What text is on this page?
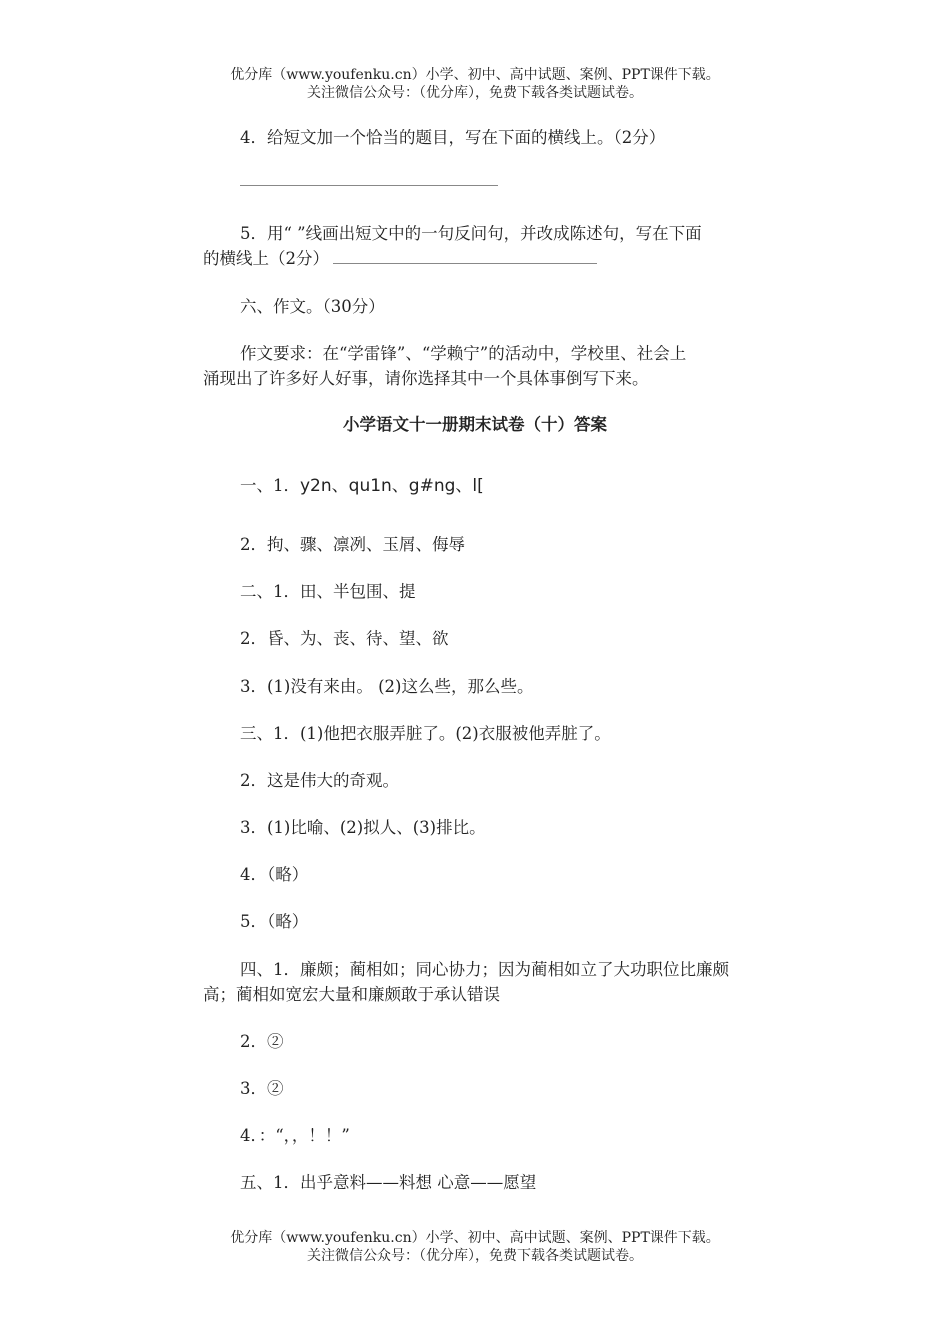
优分库（www.youfenku.cn）小学、初中、高中试题、案例、PPT课件下载。
关注微信公众号：（优分库），免费下载各类试题试卷。
4．给短文加一个恰当的题目，写在下面的横线上。（2分）
5．用“ ”线画出短文中的一句反问句，并改成陈述句，写在下面
的横线上（2分）
六、作文。（30分）
作文要求：在“学雷锋”、“学赖宁”的活动中，学校里、社会上
涌现出了许多好人好事，请你选择其中一个具体事倒写下来。
小学语文十一册期末试卷（十）答案
一、1．y2n、qu1n、g#ng、l[
2．拘、骤、凛冽、玉屑、侮辱
二、1．田、半包围、提
2．昏、为、丧、待、望、欲
3．(1)没有来由。 (2)这么些，那么些。
三、1．(1)他把衣服弄脏了。(2)衣服被他弄脏了。
2．这是伟大的奇观。
3．(1)比喻、(2)拟人、(3)排比。
4．（略）
5．（略）
四、1．廉颇；蔺相如；同心协力；因为蔺相如立了大功职位比廉颇
高；蔺相如宽宏大量和廉颇敢于承认错误
2．②
3．②
4．：“，，！！”
五、1．出乎意料——料想 心意——愿望
优分库（www.youfenku.cn）小学、初中、高中试题、案例、PPT课件下载。
关注微信公众号：（优分库），免费下载各类试题试卷。
